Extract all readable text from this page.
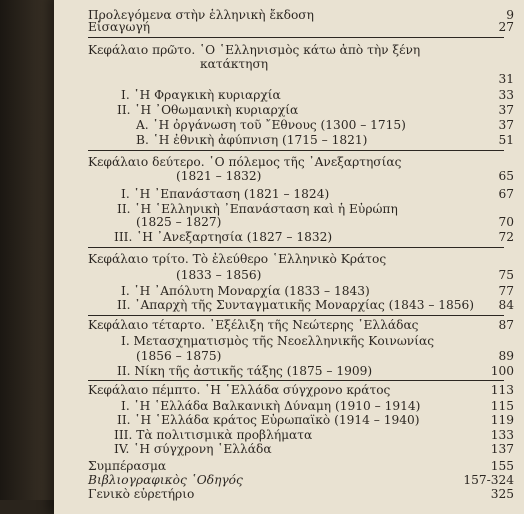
Προλεγόμενα στὴν ἑλληνικὴ ἔκδοση	9
Εἰσαγωγή	27
Κεφάλαιο πρῶτο. ῾Ο ῾Ελληνισμὸς κάτω ἀπὸ τὴν ξένη
κατάκτηση
31
I. ῾Η Φραγκικὴ κυριαρχία	33
II. ῾Η ᾿Οθωμανικὴ κυριαρχία	37
A. ῾Η ὀργάνωση τοῦ ῎Εθνους (1300 – 1715)	37
B. ῾Η ἐθνικὴ ἀφύπνιση (1715 – 1821)	51
Κεφάλαιο δεύτερο. ῾Ο πόλεμος τῆς ᾿Ανεξαρτησίας
(1821 – 1832)	65
I. ῾Η ᾿Επανάσταση (1821 – 1824)	67
II. ῾Η ῾Ελληνικὴ ᾿Επανάσταση καὶ ἡ Εὐρώπη
(1825 – 1827)	70
III. ῾Η ᾿Ανεξαρτησία (1827 – 1832)	72
Κεφάλαιο τρίτο. Τὸ ἐλεύθερο ῾Ελληνικὸ Κράτος
(1833 – 1856)	75
I. ῾Η ᾿Απόλυτη Μοναρχία (1833 – 1843)	77
II. ᾿Απαρχὴ τῆς Συνταγματικῆς Μοναρχίας (1843 – 1856) 84
Κεφάλαιο τέταρτο. ᾿Εξέλιξη τῆς Νεώτερης ῾Ελλάδας	87
I. Μετασχηματισμὸς τῆς Νεοελληνικῆς Κοινωνίας
(1856 – 1875)	89
II. Νίκη τῆς ἀστικῆς τάξης (1875 – 1909)	100
Κεφάλαιο πέμπτο. ῾Η ῾Ελλάδα σύγχρονο κράτος	113
I. ῾Η ῾Ελλάδα Βαλκανικὴ Δύναμη (1910 – 1914)	115
II. ῾Η ῾Ελλάδα κράτος Εὐρωπαϊκὸ (1914 – 1940)	119
III. Τὰ πολιτισμικὰ προβλήματα	133
IV. ῾Η σύγχρονη ῾Ελλάδα	137
Συμπέρασμα	155
Βιβλιογραφικὸς ῾Οδηγός	157-324
Γενικὸ εὑρετήριο	325
